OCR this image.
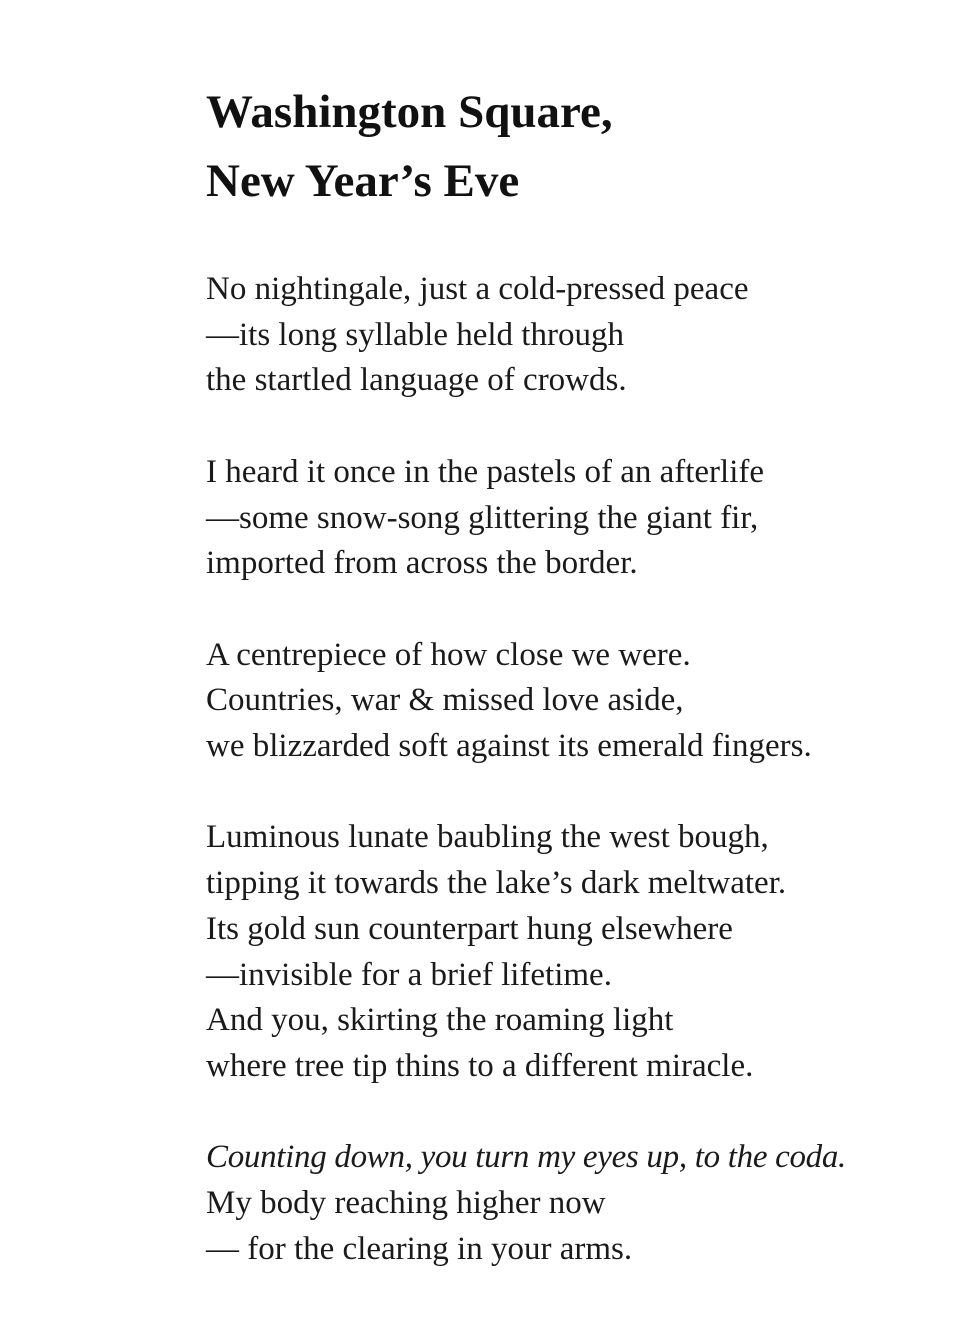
Washington Square,
New Year’s Eve

No nightingale, just a cold-pressed peace
—its long syllable held through
the startled language of crowds.

I heard it once in the pastels of an afterlife
—some snow-song glittering the giant fir,
imported from across the border.

A centrepiece of how close we were.
Countries, war & missed love aside,
we blizzarded soft against its emerald fingers.

Luminous lunate baubling the west bough,
tipping it towards the lake’s dark meltwater.
Its gold sun counterpart hung elsewhere
—invisible for a brief lifetime.
And you, skirting the roaming light
where tree tip thins to a different miracle.

Counting down, you turn my eyes up, to the coda.
My body reaching higher now
— for the clearing in your arms.
